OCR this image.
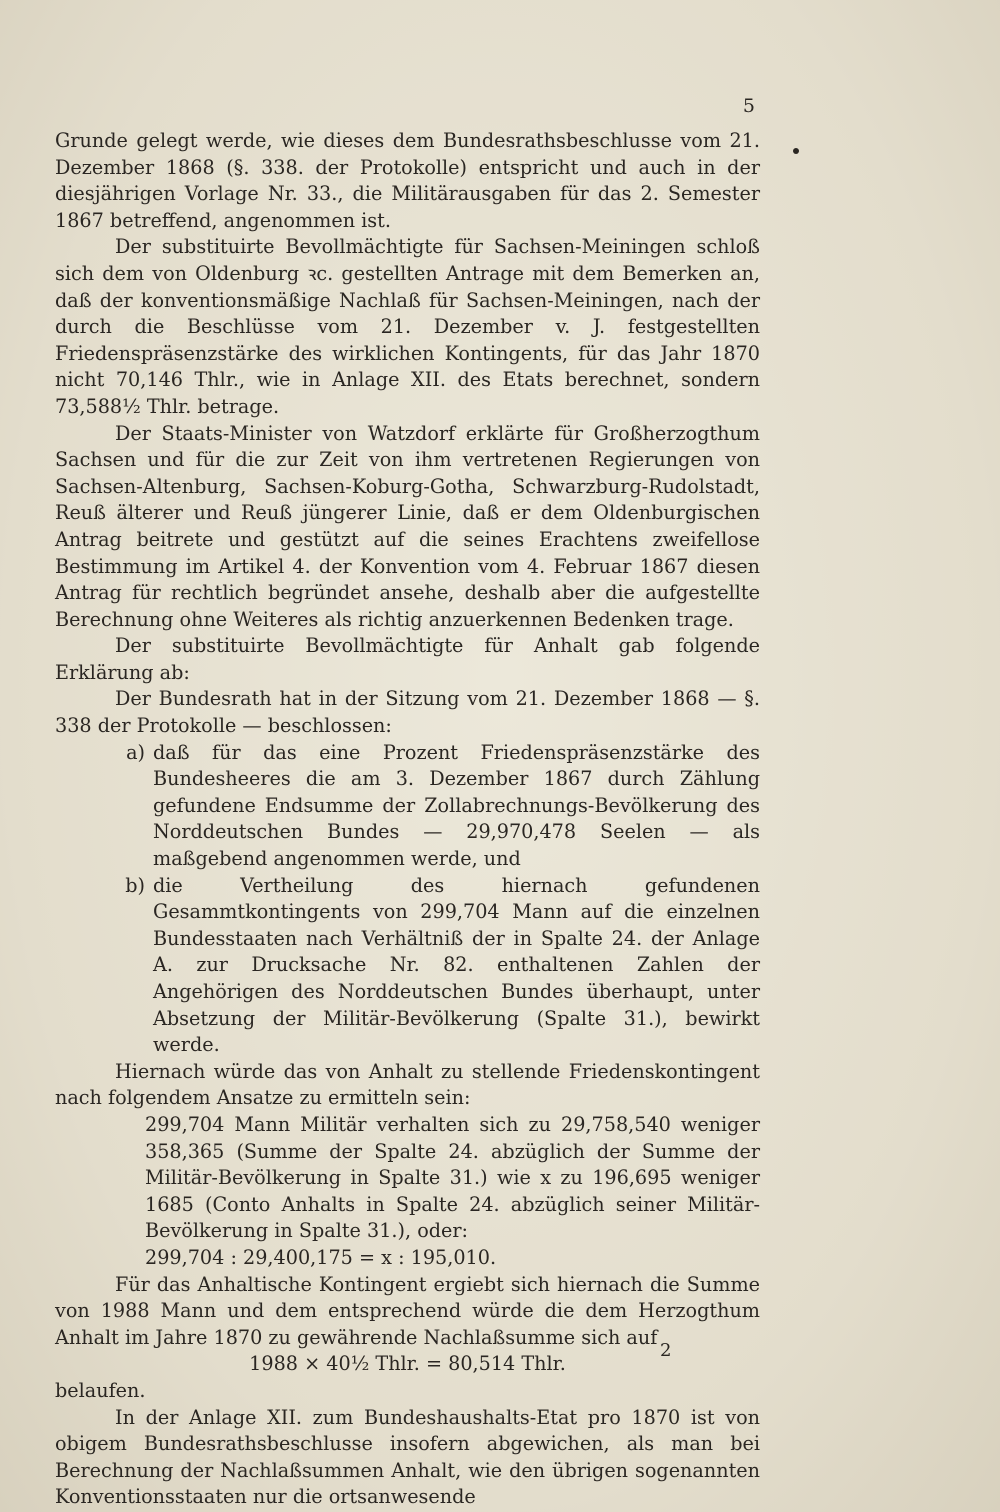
5

Grunde gelegt werde, wie dieses dem Bundesrathsbeschlusse vom 21. Dezember 1868 (§. 338. der Protokolle) entspricht und auch in der diesjährigen Vorlage Nr. 33., die Militärausgaben für das 2. Semester 1867 betreffend, angenommen ist.

Der substituirte Bevollmächtigte für Sachsen-Meiningen schloß sich dem von Oldenburg ꝛc. gestellten Antrage mit dem Bemerken an, daß der konventionsmäßige Nachlaß für Sachsen-Meiningen, nach der durch die Beschlüsse vom 21. Dezember v. J. festgestellten Friedenspräsenzstärke des wirklichen Kontingents, für das Jahr 1870 nicht 70,146 Thlr., wie in Anlage XII. des Etats berechnet, sondern 73,588½ Thlr. betrage.

Der Staats-Minister von Watzdorf erklärte für Großherzogthum Sachsen und für die zur Zeit von ihm vertretenen Regierungen von Sachsen-Altenburg, Sachsen-Koburg-Gotha, Schwarzburg-Rudolstadt, Reuß älterer und Reuß jüngerer Linie, daß er dem Oldenburgischen Antrag beitrete und gestützt auf die seines Erachtens zweifellose Bestimmung im Artikel 4. der Konvention vom 4. Februar 1867 diesen Antrag für rechtlich begründet ansehe, deshalb aber die aufgestellte Berechnung ohne Weiteres als richtig anzuerkennen Bedenken trage.

Der substituirte Bevollmächtigte für Anhalt gab folgende Erklärung ab:

Der Bundesrath hat in der Sitzung vom 21. Dezember 1868 — §. 338 der Protokolle — beschlossen:

a) daß für das eine Prozent Friedenspräsenzstärke des Bundesheeres die am 3. Dezember 1867 durch Zählung gefundene Endsumme der Zollabrechnungs-Bevölkerung des Norddeutschen Bundes — 29,970,478 Seelen — als maßgebend angenommen werde, und
b) die Vertheilung des hiernach gefundenen Gesammtkontingents von 299,704 Mann auf die einzelnen Bundesstaaten nach Verhältniß der in Spalte 24. der Anlage A. zur Drucksache Nr. 82. enthaltenen Zahlen der Angehörigen des Norddeutschen Bundes überhaupt, unter Absetzung der Militär-Bevölkerung (Spalte 31.), bewirkt werde.

Hiernach würde das von Anhalt zu stellende Friedenskontingent nach folgendem Ansatze zu ermitteln sein:

299,704 Mann Militär verhalten sich zu 29,758,540 weniger 358,365 (Summe der Spalte 24. abzüglich der Summe der Militär-Bevölkerung in Spalte 31.) wie x zu 196,695 weniger 1685 (Conto Anhalts in Spalte 24. abzüglich seiner Militär-Bevölkerung in Spalte 31.), oder:

299,704 : 29,400,175 = x : 195,010.

Für das Anhaltische Kontingent ergiebt sich hiernach die Summe von 1988 Mann und dem entsprechend würde die dem Herzogthum Anhalt im Jahre 1870 zu gewährende Nachlaßsumme sich auf

1988 × 40½ Thlr. = 80,514 Thlr.

belaufen.

In der Anlage XII. zum Bundeshaushalts-Etat pro 1870 ist von obigem Bundesrathsbeschlusse insofern abgewichen, als man bei Berechnung der Nachlaßsummen Anhalt, wie den übrigen sogenannten Konventionsstaaten nur die ortsanwesende

2
